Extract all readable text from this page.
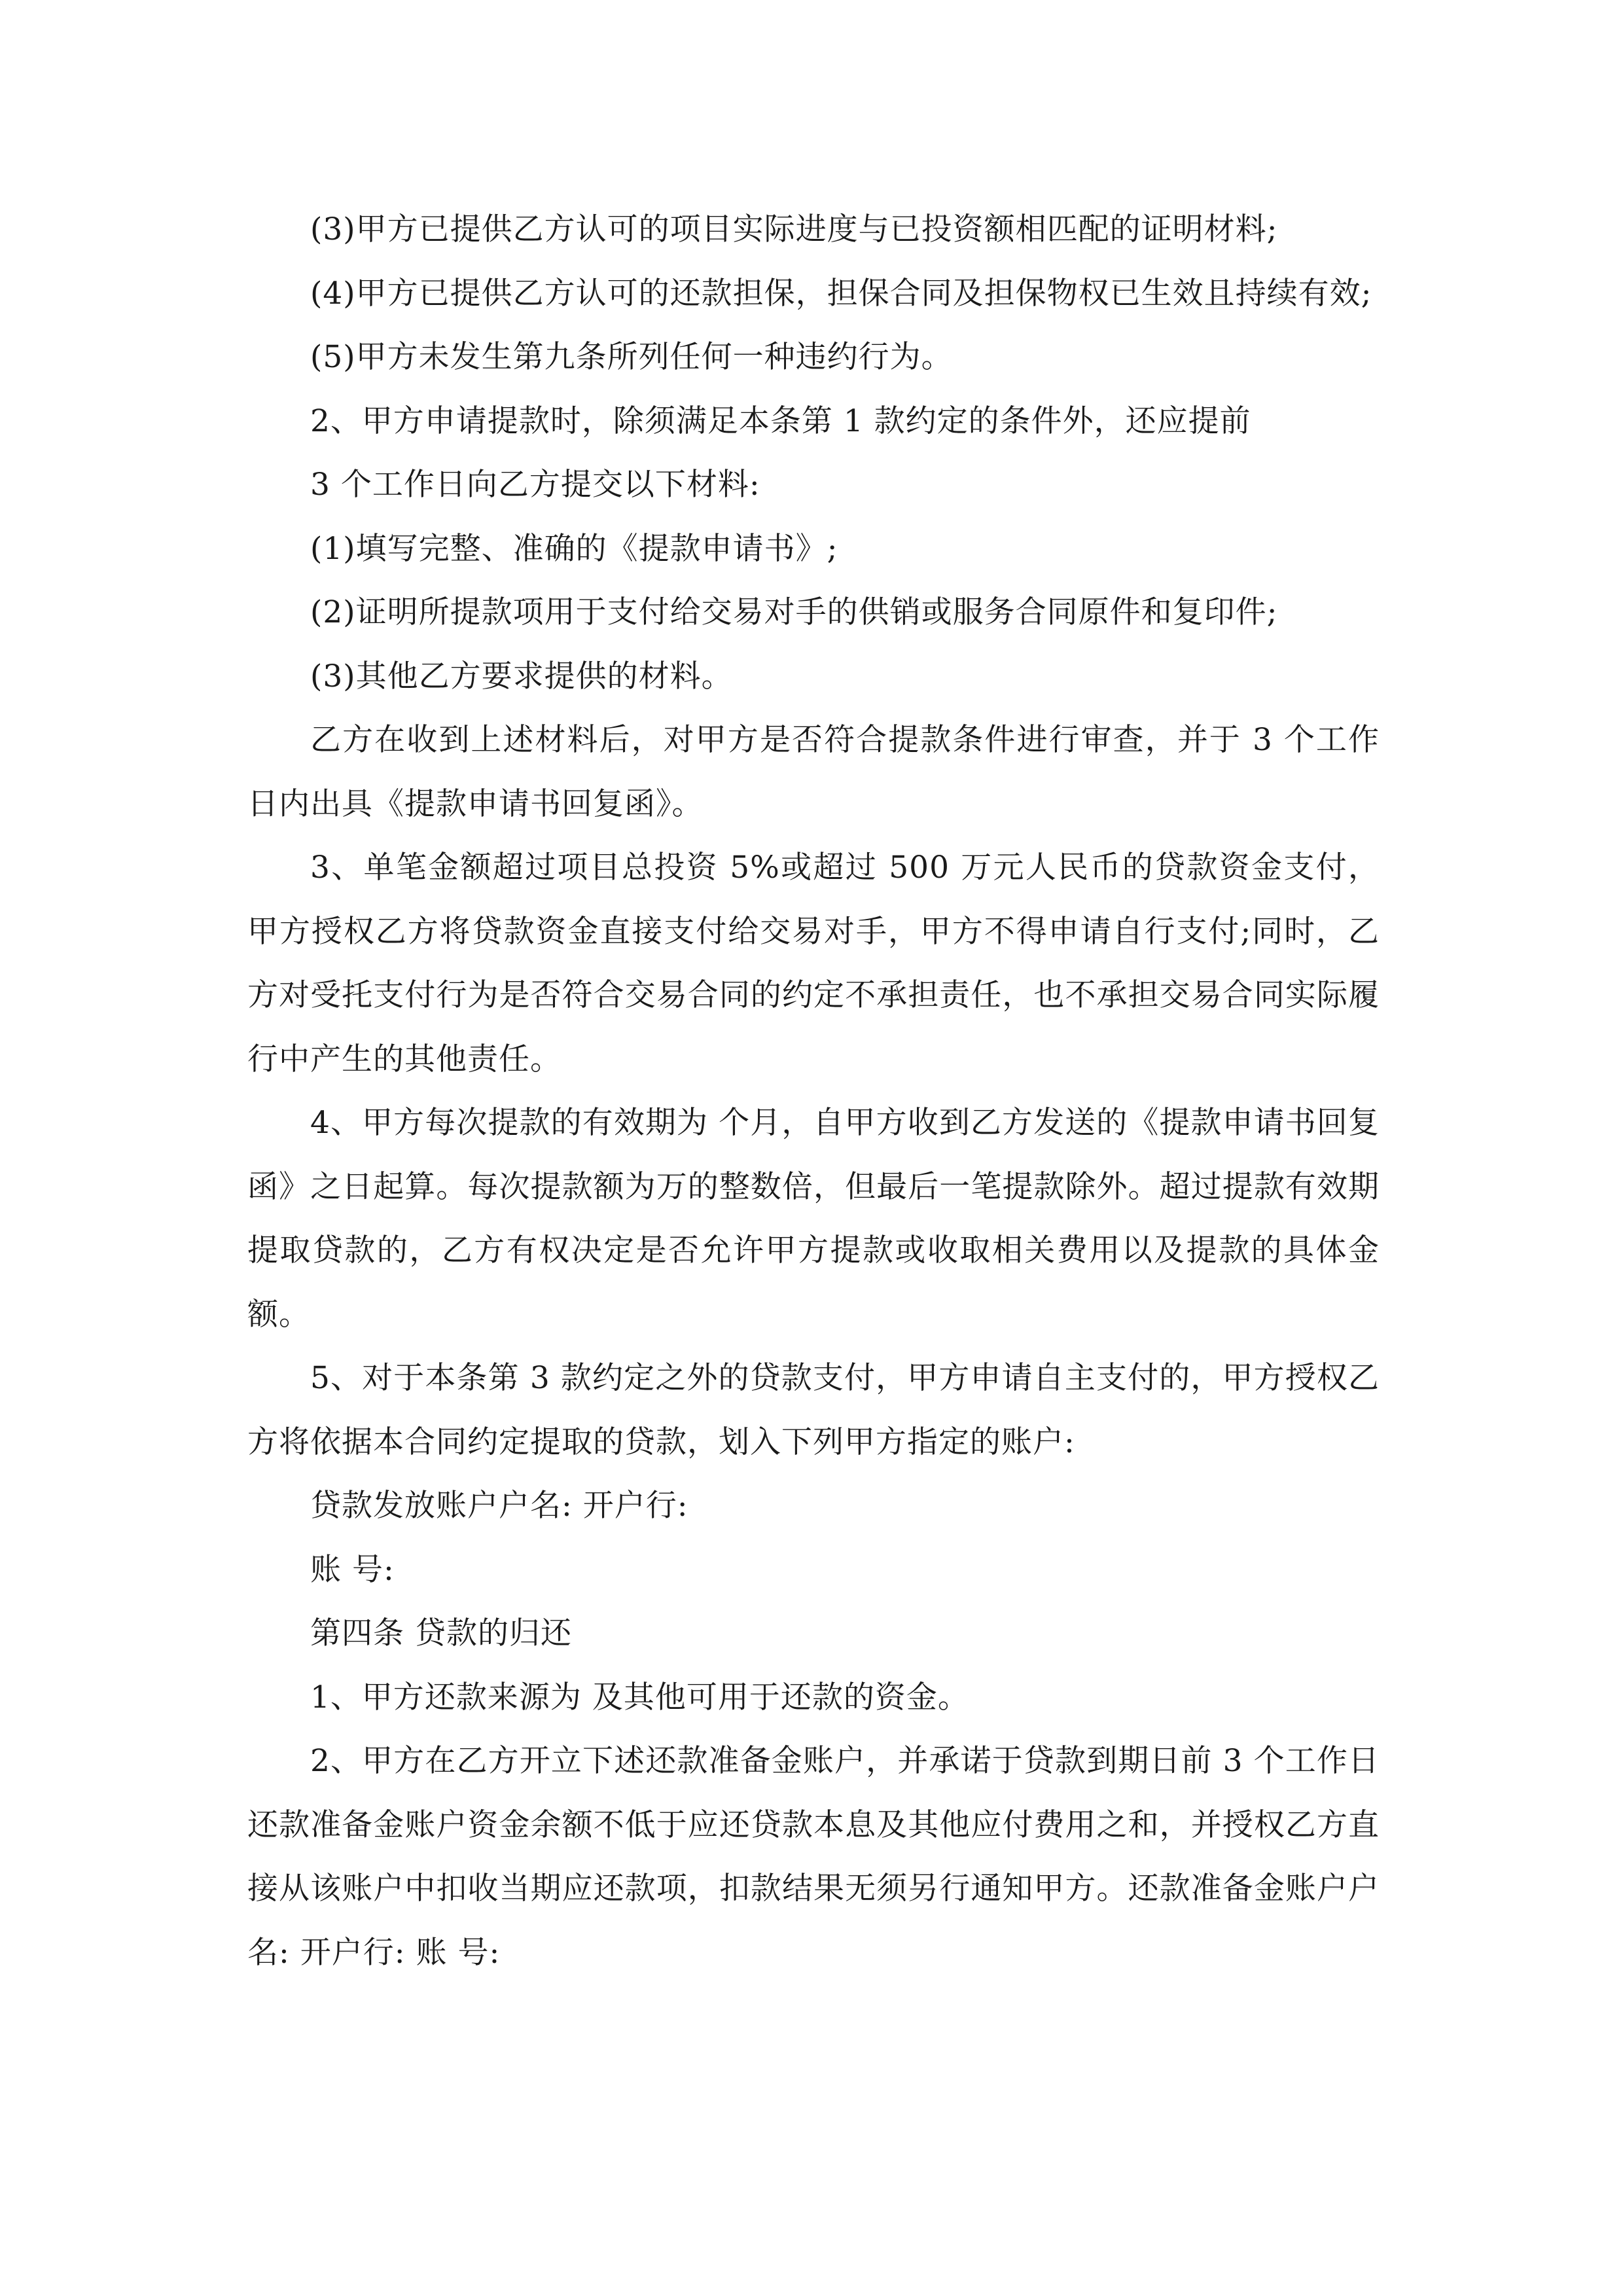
(3)甲方已提供乙方认可的项目实际进度与已投资额相匹配的证明材料;

(4)甲方已提供乙方认可的还款担保，担保合同及担保物权已生效且持续有效;

(5)甲方未发生第九条所列任何一种违约行为。

2、甲方申请提款时，除须满足本条第 1 款约定的条件外，还应提前

3 个工作日向乙方提交以下材料:

(1)填写完整、准确的《提款申请书》;

(2)证明所提款项用于支付给交易对手的供销或服务合同原件和复印件;

(3)其他乙方要求提供的材料。

乙方在收到上述材料后，对甲方是否符合提款条件进行审查，并于 3 个工作日内出具《提款申请书回复函》。

3、单笔金额超过项目总投资 5%或超过 500 万元人民币的贷款资金支付，甲方授权乙方将贷款资金直接支付给交易对手，甲方不得申请自行支付;同时，乙方对受托支付行为是否符合交易合同的约定不承担责任，也不承担交易合同实际履行中产生的其他责任。

4、甲方每次提款的有效期为 个月，自甲方收到乙方发送的《提款申请书回复函》之日起算。每次提款额为万的整数倍，但最后一笔提款除外。超过提款有效期提取贷款的，乙方有权决定是否允许甲方提款或收取相关费用以及提款的具体金额。

5、对于本条第 3 款约定之外的贷款支付，甲方申请自主支付的，甲方授权乙方将依据本合同约定提取的贷款，划入下列甲方指定的账户:

贷款发放账户户名: 开户行:

账 号:

第四条 贷款的归还

1、甲方还款来源为 及其他可用于还款的资金。

2、甲方在乙方开立下述还款准备金账户，并承诺于贷款到期日前 3 个工作日还款准备金账户资金余额不低于应还贷款本息及其他应付费用之和，并授权乙方直接从该账户中扣收当期应还款项，扣款结果无须另行通知甲方。还款准备金账户户名: 开户行: 账 号:
